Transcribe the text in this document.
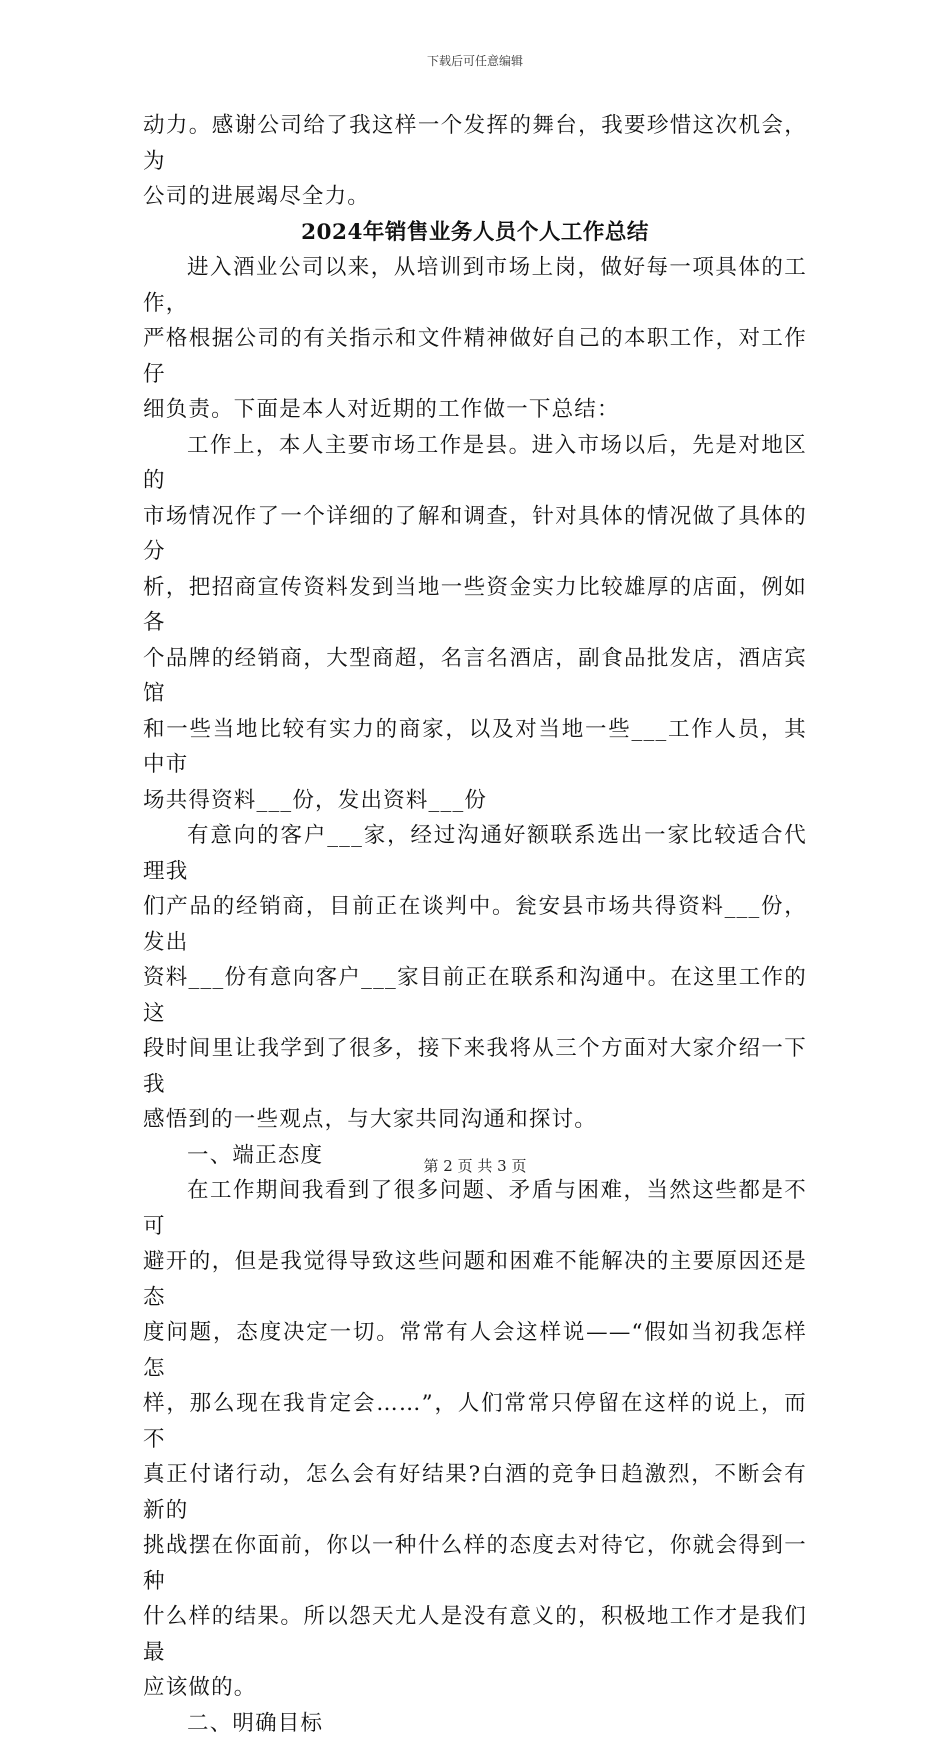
下载后可任意编辑

动力。感谢公司给了我这样一个发挥的舞台，我要珍惜这次机会，为
公司的进展竭尽全力。

2024年销售业务人员个人工作总结

进入酒业公司以来，从培训到市场上岗，做好每一项具体的工作，
严格根据公司的有关指示和文件精神做好自己的本职工作，对工作仔
细负责。下面是本人对近期的工作做一下总结：

工作上，本人主要市场工作是县。进入市场以后，先是对地区的
市场情况作了一个详细的了解和调查，针对具体的情况做了具体的分
析，把招商宣传资料发到当地一些资金实力比较雄厚的店面，例如各
个品牌的经销商，大型商超，名言名酒店，副食品批发店，酒店宾馆
和一些当地比较有实力的商家，以及对当地一些___工作人员，其中市
场共得资料___份，发出资料___份

有意向的客户___家，经过沟通好额联系选出一家比较适合代理我
们产品的经销商，目前正在谈判中。瓮安县市场共得资料___份，发出
资料___份有意向客户___家目前正在联系和沟通中。在这里工作的这
段时间里让我学到了很多，接下来我将从三个方面对大家介绍一下我
感悟到的一些观点，与大家共同沟通和探讨。

一、端正态度

在工作期间我看到了很多问题、矛盾与困难，当然这些都是不可
避开的，但是我觉得导致这些问题和困难不能解决的主要原因还是态
度问题，态度决定一切。常常有人会这样说——“假如当初我怎样怎
样，那么现在我肯定会……”，人们常常只停留在这样的说上，而不
真正付诸行动，怎么会有好结果?白酒的竞争日趋激烈，不断会有新的
挑战摆在你面前，你以一种什么样的态度去对待它，你就会得到一种
什么样的结果。所以怨天尤人是没有意义的，积极地工作才是我们最
应该做的。

二、明确目标

第 2 页 共 3 页
